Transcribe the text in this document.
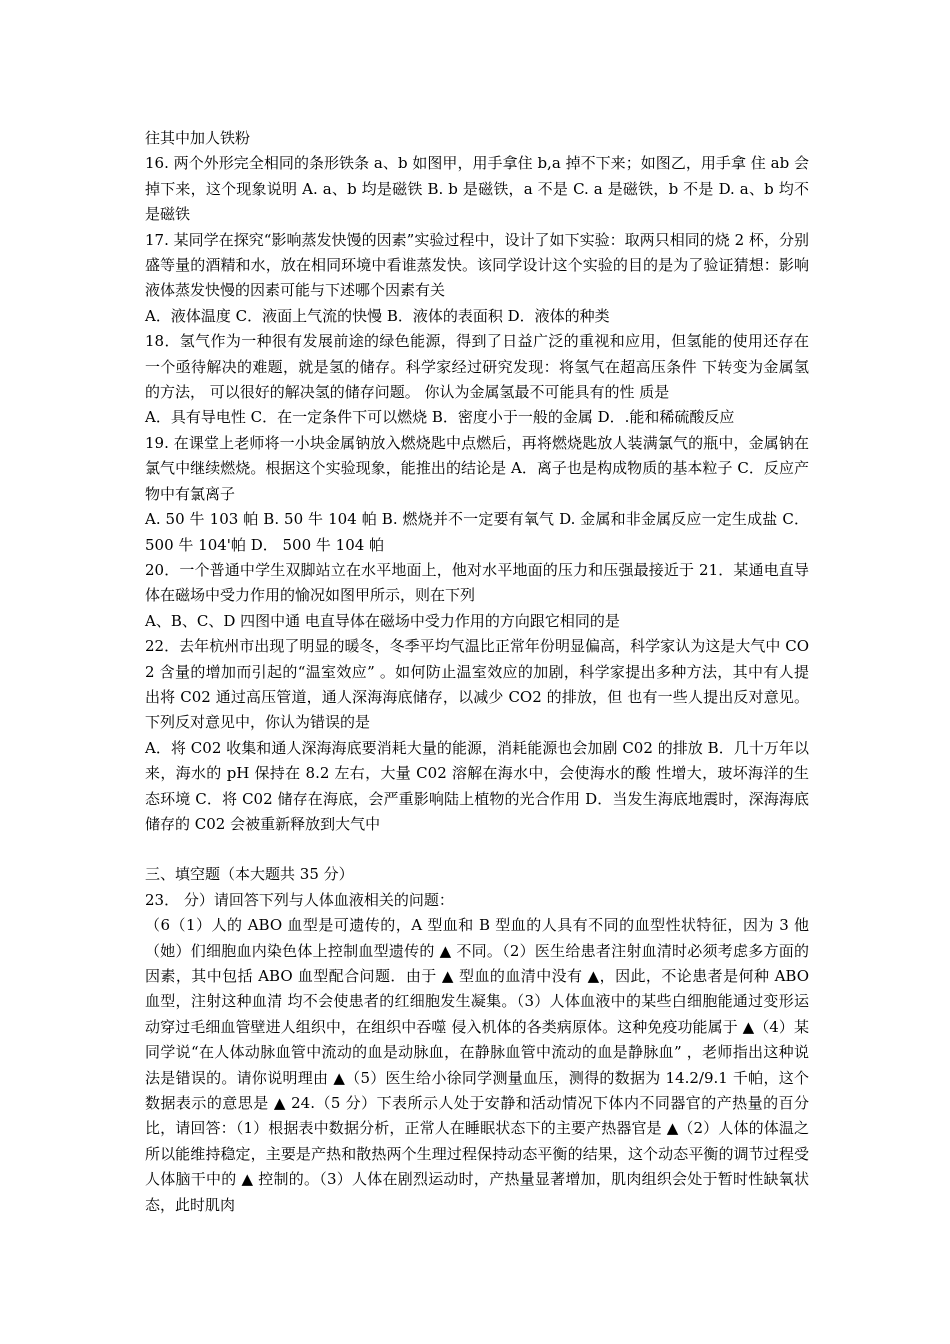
往其中加人铁粉

16. 两个外形完全相同的条形铁条 a、b 如图甲，用手拿住 b,a 掉不下来；如图乙，用手拿 住 ab 会掉下来，这个现象说明 A. a、b 均是磁铁 B. b 是磁铁，a 不是 C. a 是磁铁，b 不是 D. a、b 均不是磁铁

17. 某同学在探究“影响蒸发快馒的因素”实验过程中，设计了如下实验：取两只相同的烧 2 杯，分别盛等量的酒精和水，放在相同环境中看谁蒸发快。该同学设计这个实验的目的是为了验证猜想：影响液体蒸发快慢的因素可能与下述哪个因素有关

A．液体温度 C．液面上气流的快慢 B．液体的表面积 D．液体的种类

18．氢气作为一种很有发展前途的绿色能源，得到了日益广泛的重视和应用，但氢能的使用还存在一个亟待解决的难题，就是氢的储存。科学家经过研究发现：将氢气在超高压条件 下转变为金属氢的方法， 可以很好的解决氢的储存问题。 你认为金属氢最不可能具有的性 质是

A．具有导电性 C．在一定条件下可以燃烧 B．密度小于一般的金属 D．.能和稀硫酸反应

19. 在课堂上老师将一小块金属钠放入燃烧匙中点燃后，再将燃烧匙放人装满氯气的瓶中，金属钠在氯气中继续燃烧。根据这个实验现象，能推出的结论是 A．离子也是构成物质的基本粒子 C．反应产物中有氯离子

A. 50 牛 103 帕 B. 50 牛 104 帕 B. 燃烧并不一定要有氧气 D. 金属和非金属反应一定生成盐 C．500 牛 104'帕 D． 500 牛 104 帕

20．一个普通中学生双脚站立在水平地面上，他对水平地面的压力和压强最接近于 21．某通电直导体在磁场中受力作用的愉况如图甲所示，则在下列

A、B、C、D 四图中通 电直导体在磁场中受力作用的方向跟它相同的是

22．去年杭州市出现了明显的暖冬，冬季平均气温比正常年份明显偏高，科学家认为这是大气中 CO2 含量的增加而引起的“温室效应” 。如何防止温室效应的加剧，科学家提出多种方法，其中有人提出将 C02 通过高压管道，通人深海海底储存，以减少 CO2 的排放，但 也有一些人提出反对意见。下列反对意见中，你认为错误的是

A．将 C02 收集和通人深海海底要消耗大量的能源，消耗能源也会加剧 C02 的排放 B．几十万年以来，海水的 pH 保持在 8.2 左右，大量 C02 溶解在海水中，会使海水的酸 性增大，玻坏海洋的生态环境 C．将 C02 储存在海底，会严重影响陆上植物的光合作用 D．当发生海底地震时，深海海底储存的 C02 会被重新释放到大气中

三、填空题（本大题共 35 分）

23． 分）请回答下列与人体血液相关的问题：

（6（1）人的 ABO 血型是可遗传的，A 型血和 B 型血的人具有不同的血型性状特征，因为 3 他（她）们细胞血内染色体上控制血型遗传的 ▲ 不同。（2）医生给患者注射血清时必须考虑多方面的因素，其中包括 ABO 血型配合问题．由于 ▲ 型血的血清中没有 ▲，因此，不论患者是何种 ABO 血型，注射这种血清 均不会使患者的红细胞发生凝集。（3）人体血液中的某些白细胞能通过变形运动穿过毛细血管壁进人组织中，在组织中吞噬 侵入机体的各类病原体。这种免疫功能属于 ▲（4）某同学说“在人体动脉血管中流动的血是动脉血，在静脉血管中流动的血是静脉血” ，老师指出这种说法是错误的。请你说明理由 ▲（5）医生给小徐同学测量血压，测得的数据为 14.2/9.1 千帕，这个数据表示的意思是 ▲ 24.（5 分）下表所示人处于安静和活动情况下体内不同器官的产热量的百分比，请回答：（1）根据表中数据分析，正常人在睡眠状态下的主要产热器官是 ▲（2）人体的体温之所以能维持稳定，主要是产热和散热两个生理过程保持动态平衡的结果，这个动态平衡的调节过程受人体脑干中的 ▲ 控制的。（3）人体在剧烈运动时，产热量显著增加，肌肉组织会处于暂时性缺氧状态，此时肌肉
